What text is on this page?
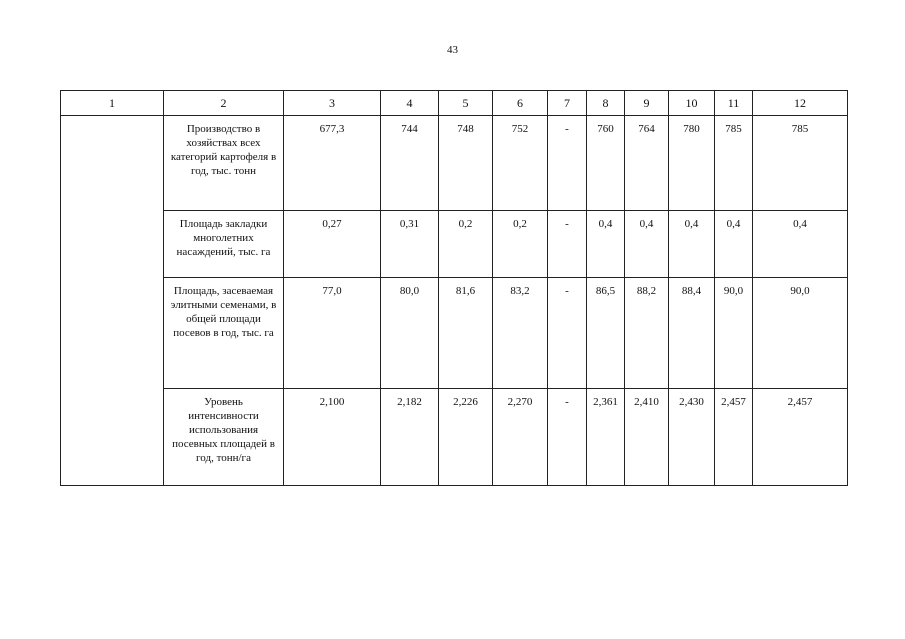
43
1	2	3	4	5	6	7	8	9	10	11	12
	Производство в хозяйствах всех категорий картофеля в год, тыс. тонн	677,3	744	748	752	-	760	764	780	785	785
	Площадь закладки многолетних насаждений, тыс. га	0,27	0,31	0,2	0,2	-	0,4	0,4	0,4	0,4	0,4
	Площадь, засеваемая элитными семенами, в общей площади посевов в год, тыс. га	77,0	80,0	81,6	83,2	-	86,5	88,2	88,4	90,0	90,0
	Уровень интенсивности использования посевных площадей в год, тонн/га	2,100	2,182	2,226	2,270	-	2,361	2,410	2,430	2,457	2,457
